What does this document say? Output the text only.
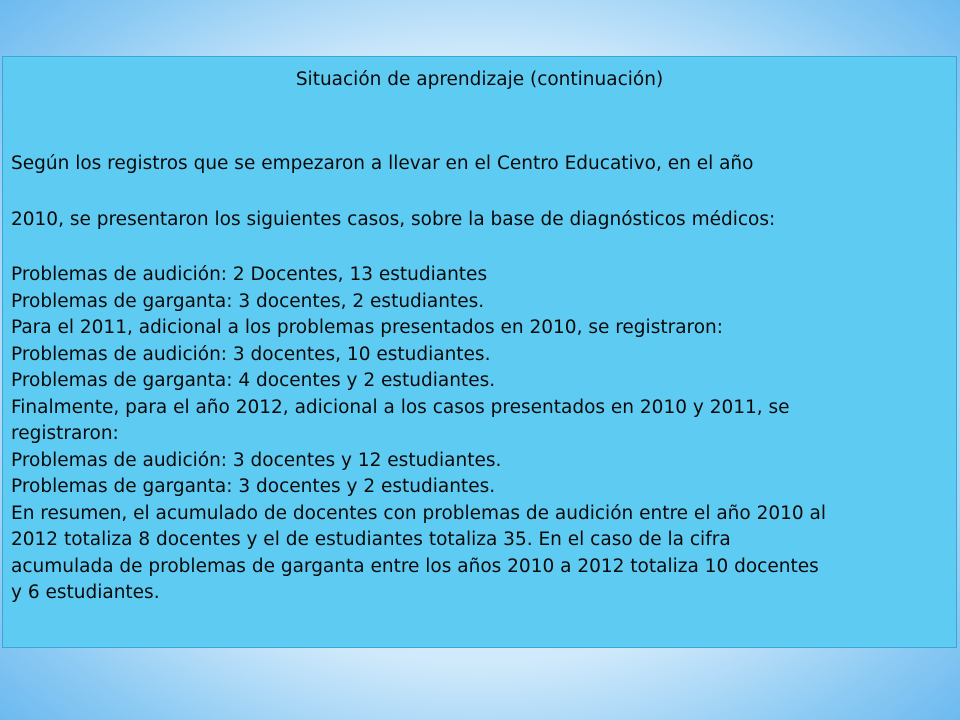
Situación de aprendizaje (continuación)
Según los registros que se empezaron a llevar en el Centro Educativo, en el año
2010, se presentaron los siguientes casos, sobre la base de diagnósticos médicos:
Problemas de audición: 2 Docentes, 13 estudiantes
Problemas de garganta: 3 docentes, 2 estudiantes.
Para el 2011, adicional a los problemas presentados en 2010, se registraron:
Problemas de audición: 3 docentes, 10 estudiantes.
Problemas de garganta: 4 docentes y 2 estudiantes.
Finalmente, para el año 2012, adicional a los casos presentados en 2010 y 2011, se
registraron:
Problemas de audición: 3 docentes y 12 estudiantes.
Problemas de garganta: 3 docentes y 2 estudiantes.
En resumen, el acumulado de docentes con problemas de audición entre el año 2010 al
2012 totaliza 8 docentes y el de estudiantes totaliza 35. En el caso de la cifra
acumulada de problemas de garganta entre los años 2010 a 2012 totaliza 10 docentes
y 6 estudiantes.
